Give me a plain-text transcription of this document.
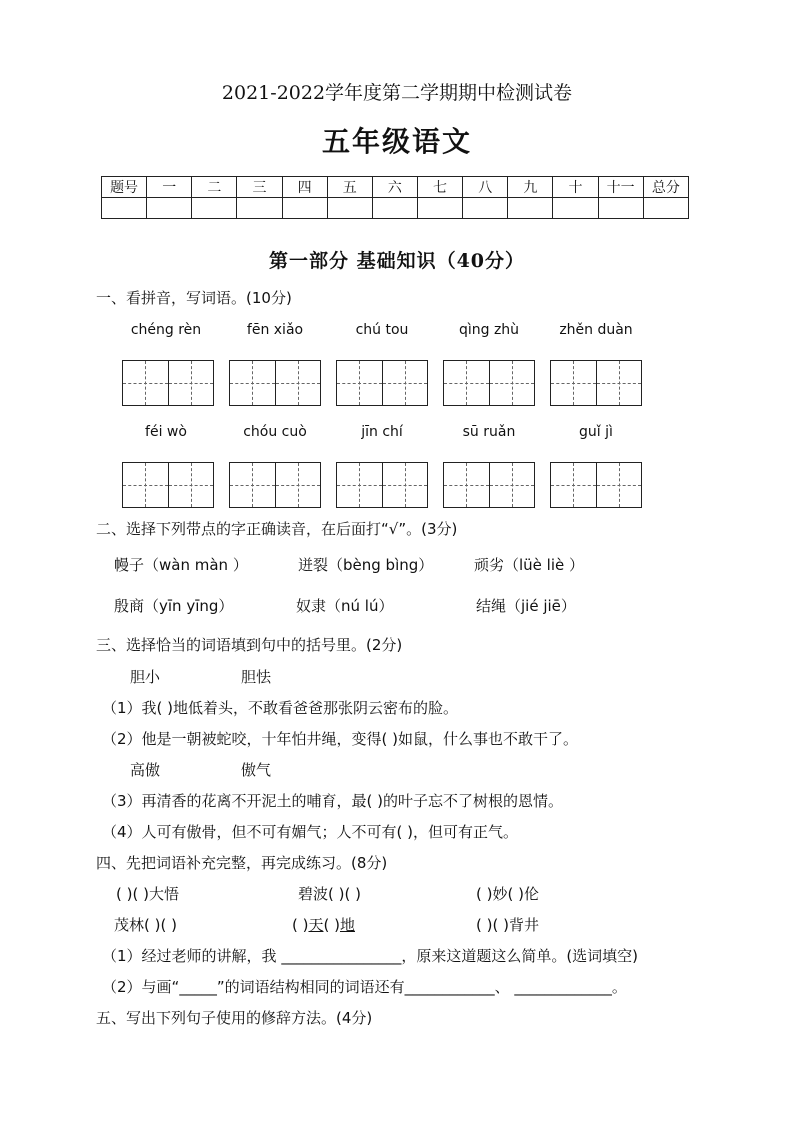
2021-2022学年度第二学期期中检测试卷
五年级语文
题号	一	二	三	四	五	六	七	八	九	十	十一	总分

第一部分 基础知识（40分）
一、看拼音，写词语。(10分)
chéng rèn	fēn xiǎo	chú tou	qìng zhù	zhěn duàn
féi wò	chóu cuò	jīn chí	sū ruǎn	guǐ jì
二、选择下列带点的字正确读音，在后面打“√”。(3分)
幔子（wàn màn ）	迸裂（bèng bìng）	顽劣（lüè liè ）
殷商（yīn yīng）	奴隶（nú lú）	结绳（jié jiē）
三、选择恰当的词语填到句中的括号里。(2分)
胆小	胆怯
（1）我( )地低着头，不敢看爸爸那张阴云密布的脸。
（2）他是一朝被蛇咬，十年怕井绳，变得( )如鼠，什么事也不敢干了。
高傲	傲气
（3）再清香的花离不开泥土的哺育，最( )的叶子忘不了树根的恩情。
（4）人可有傲骨，但不可有媚气；人不可有( )，但可有正气。
四、先把词语补充完整，再完成练习。(8分)
( )( )大悟	碧波( )( )	( )妙( )伦
茂林( )( )	( )天( )地	( )( )背井
（1）经过老师的讲解，我 ________________，原来这道题这么简单。(选词填空)
（2）与画“_____”的词语结构相同的词语还有____________、 _____________。
五、写出下列句子使用的修辞方法。(4分)
